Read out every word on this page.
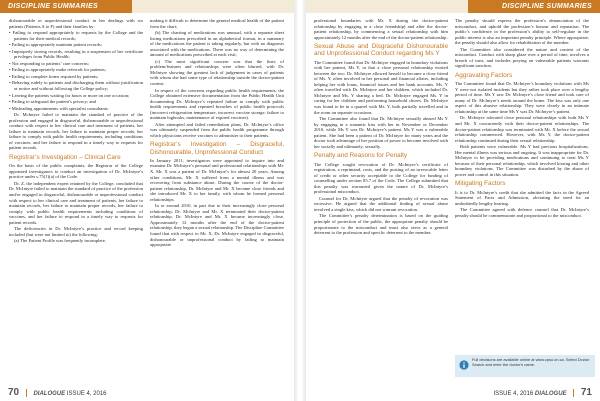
DISCIPLINE SUMMARIES	DISCIPLINE SUMMARIES

dishonourable or unprofessional conduct in her dealings with six patients (Patients A to F) and their families by:

• Failing to respond appropriately to requests by the College and the patients for their medical records;

• Failing to appropriately maintain patient records;

• Improperly storing records, resulting in a suspension of her certificate privileges from Public Health;

• Not responding to patients’ care concerns;

• Failing to appropriately make referrals for patients;

• Failing to complete forms required by patients;

• Behaving rudely to patients and discharging them without justification or notice and without following the College policy;

• Leaving the patients waiting for hours or more on one occasion;

• Failing to safeguard the patient’s privacy; and

• Misleading appointments with specialist consultants.

Dr. McIntyre failed to maintain the standard of practice of the profession and engaged in disgraceful, dishonourable or unprofessional conduct with respect to her clinical care and treatment of patients, her failure to maintain records, her failure to maintain proper records, her failure to comply with public health requirements, including conditions of vaccines, and her failure to respond in a timely way to requests for patient records.

Registrar’s Investigation – Clinical Care

On the basis of the public complaints, the Registrar of the College appointed investigators to conduct an investigation of Dr. McIntyre’s practice under s.75(1)(a) of the Code.

Dr. Z, the independent expert retained by the College, concluded that Dr. McIntyre failed to maintain the standard of practice of the profession and/or engaged in disgraceful, dishonourable or unprofessional conduct with respect to her clinical care and treatment of patients, her failure to maintain records, her failure to maintain proper records, her failure to comply with public health requirements including conditions of vaccines, and her failure to respond in a timely way to requests for patient records.

The deficiencies in Dr. McIntyre’s practice and record keeping included (but were not limited to) the following:

(a) The Patient Profile was frequently incomplete,

making it difficult to determine the general medical health of the patient from the chart;

(b) The charting of medications was unusual, with a separate sheet listing medications prescribed in an alphabetical format, in a summary of the medications the patient is taking regularly, but with no diagnosis associated with the medications. There was no way of determining the amount of medications prescribed at each visit;

(c) The most significant concern was that the lines of problem/features and relationships were often blurred, with Dr. McIntyre showing the greatest lack of judgement in cases of patients with whom she had some type of relationship outside the doctor-patient context.

In respect of the concerns regarding public health requirements, the College obtained extensive documentation from the Public Health Unit documenting Dr. McIntyre’s repeated failure to comply with public health requirements and repeated breaches of public health protocols (incorrect refrigeration temperature, incorrect vaccine storage, failure to maintain logbooks, maintenance of expired vaccines).

After attempted and failed remediation plans, Dr. McIntyre’s office was ultimately suspended from the public health programme through which physicians receive vaccines to administer to their patients.

Registrar’s Investigation – Disgraceful, Dishonourable, Unprofessional Conduct

In January 2011, investigators were appointed to inquire into and examine Dr. McIntyre’s personal and professional relationships with Mr. X. Mr. X was a patient of Dr. McIntyre’s for almost 20 years. Among other conditions, Mr. X suffered from a mental illness and was recovering from substance abuse. During the course of the doctor-patient relationship, Dr. McIntyre and Mr. X became close friends and she introduced Mr. X to her family, with whom he formed personal relationships.

In or around 2010, in part due to their increasingly close personal relationship, Dr. McIntyre and Mr. X terminated their doctor-patient relationship. Dr. McIntyre and Mr. X became increasingly close. Approximately 12 months after the end of the doctor-patient relationship, they began a sexual relationship. The Discipline Committee found that with respect to Mr. X, Dr. McIntyre engaged in disgraceful, dishonourable or unprofessional conduct by failing to maintain appropriate

professional boundaries with Mr. X during the doctor-patient relationship by engaging in a close friendship) and after the doctor-patient relationship, by commencing a sexual relationship with him approximately 12 months after the end of the doctor-patient relationship.

Sexual Abuse and Disgraceful Dishonourable and Unprofessional Conduct regarding Ms Y

The Committee found that Dr. McIntyre engaged in boundary violations with her patient, Ms Y, in that a close personal relationship existed between the two. Dr. McIntyre allowed herself to become a close friend of Ms. Y, often involved in her personal and financial affairs, including helping her with loans, financial issues and her bank accounts. Ms. Y often travelled with Dr. McIntyre and her children, which included Dr. McIntyre and Ms. Y sharing a bed. Dr. McIntyre engaged Ms. Y in caring for her children and performing household chores. Dr. McIntyre was found to be in a quarrel with Ms. Y, both partially travelled and in the room on separate occasions.

The Committee also found that Dr. McIntyre sexually abused Ms Y by engaging in a romantic kiss with her in November or December 2010, while Ms Y was Dr. McIntyre’s patient. Ms Y was a vulnerable patient. She had been a patient of Dr. McIntyre for many years and the doctor took advantage of her position of power to become involved with her socially and ultimately, sexually.

Penalty and Reasons for Penalty

The College sought revocation of Dr. McIntyre’s certificate of registration, a reprimand, costs, and the posting of an irrevocable letter of credit or other security acceptable to the College for funding of counselling under section 85.7 of the Code. The College submitted that this penalty was warranted given the nature of Dr. McIntyre’s professional misconduct.

Counsel for Dr. McIntyre argued that the penalty of revocation was excessive. He argued that the additional finding of sexual abuse involved a single kiss, which did not warrant revocation.

The Committee’s penalty determination is based on the guiding principle of protection of the public, the appropriate penalty should be proportionate to the misconduct and must also serve as a general deterrent to the profession and specific deterrent to the member.

The penalty should express the profession’s denunciation of the misconduct, and uphold the profession’s honour and reputation. The public’s confidence in the profession’s ability to self-regulate in the public interest is also an important penalty principle. Where appropriate, the penalty should also allow for rehabilitation of the member.

The Committee also considered the nature and context of the misconduct. Conduct with sharp glaze over a period of time, involves a breach of trust, and includes preying on vulnerable patients warrants significant sanction.

Aggravating Factors

The Committee found that Dr. McIntyre’s boundary violations with Ms Y were not isolated incidents but they rather took place over a lengthy period of time. Ms Y saw Dr. McIntyre’s close friend and took care of many of Dr. McIntyre’s needs around the home. The kiss was only one aspect of this abusive relationship. They were clearly in an intimate relationship at the same time Ms Y was Dr. McIntyre’s patient.

Dr. McIntyre tolerated close personal relationships with both Ms Y and Mr. X concurrently with their doctor-patient relationships. The doctor-patient relationship was terminated with Mr. X before the sexual relationship commenced. However, with Ms Y, the doctor-patient relationship continued during their sexual relationship.

Both patients were vulnerable. Ms Y had previous hospitalizations. Her mental illness was serious and ongoing. It was inappropriate for Dr. McIntyre to be providing medications and continuing to treat Ms Y because of their personal relationship, which involved kissing and other boundary violations. The Committee was disturbed by the abuse of power and control in this situation.

Mitigating Factors

It is to Dr. McIntyre’s credit that she admitted the facts in the Agreed Statement of Facts and Admission, obviating the need for an undoubtedly lengthy hearing.

The Committee agreed with defence counsel that Dr. McIntyre’s penalty should be commensurate and proportional to the misconduct.

Full decisions are available online at www.cpso.on.ca. Select Doctor Search and enter the doctor’s name.
70 DIALOGUE ISSUE 4, 2016	ISSUE 4, 2016 DIALOGUE 71
